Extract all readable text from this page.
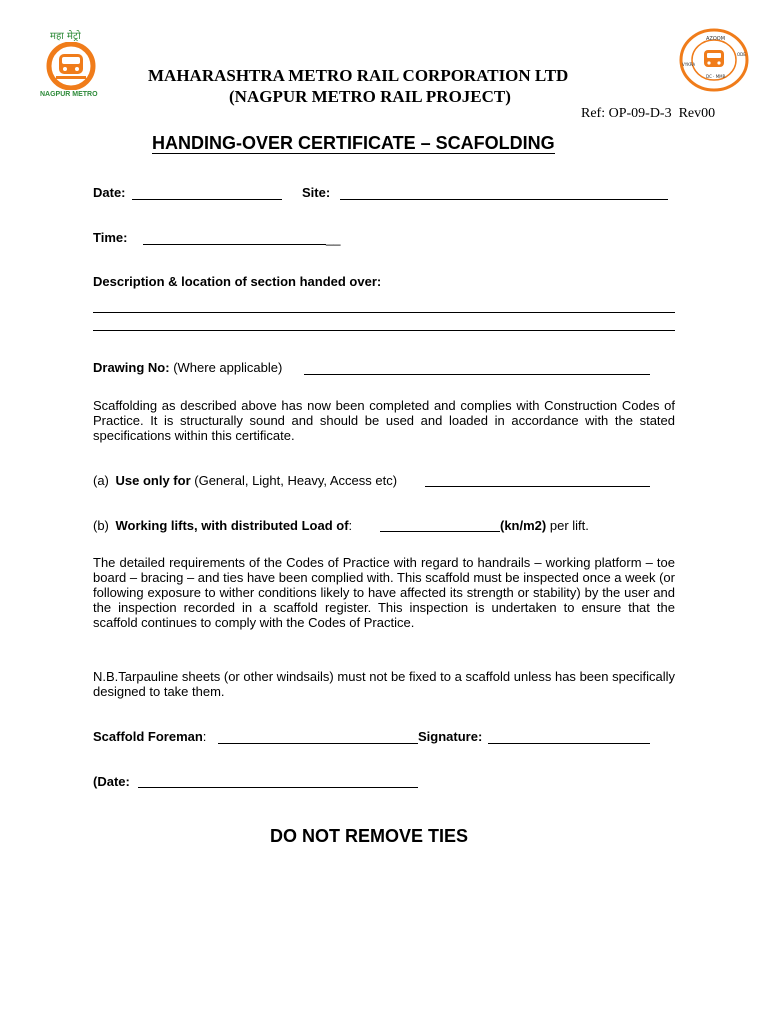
महा मेट्रो
NAGPUR METRO
MAHARASHTRA METRO RAIL CORPORATION LTD
(NAGPUR METRO RAIL PROJECT)
Ref: OP-09-D-3  Rev00
AZOOM
VYKRA
ODE
DC · MMR
HANDING-OVER CERTIFICATE – SCAFOLDING
Date:	Site:
Time:	__
Description & location of section handed over:
Drawing No: (Where applicable)
Scaffolding as described above has now been completed and complies with Construction Codes of Practice. It is structurally sound and should be used and loaded in accordance with the stated specifications within this certificate.
(a) Use only for (General, Light, Heavy, Access etc)
(b) Working lifts, with distributed Load of:	(kn/m2) per lift.
The detailed requirements of the Codes of Practice with regard to handrails – working platform – toe board – bracing – and ties have been complied with. This scaffold must be inspected once a week (or following exposure to wither conditions likely to have affected its strength or stability) by the user and the inspection recorded in a scaffold register. This inspection is undertaken to ensure that the scaffold continues to comply with the Codes of Practice.
N.B.Tarpauline sheets (or other windsails) must not be fixed to a scaffold unless has been specifically designed to take them.
Scaffold Foreman:	Signature:
(Date:
DO NOT REMOVE TIES
